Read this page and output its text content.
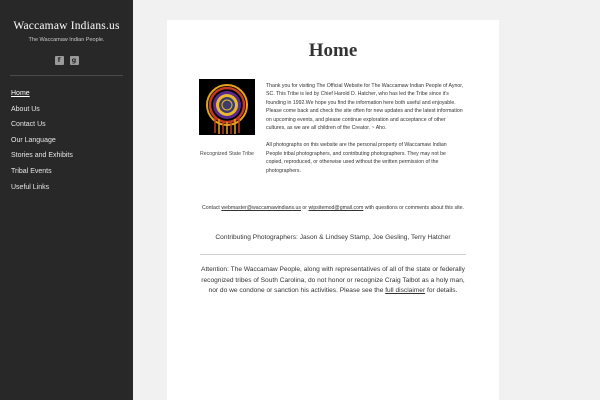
Waccamaw Indians.us
The Waccamaw Indian People.
f	g
Home
About Us
Contact Us
Our Language
Stories and Exhibits
Tribal Events
Useful Links
Home
Recognized State Tribe

Thank you for visiting The Official Website for The Waccamaw Indian People of Aynor, SC. This Tribe is led by Chief Harold D. Hatcher, who has led the Tribe since it’s founding in 1992.We hope you find the information here both useful and enjoyable. Please come back and check the site often for new updates and the latest information on upcoming events, and please continue exploration and acceptance of other cultures, as we are all children of the Creator. ~ Aho.

All photographs on this website are the personal property of Waccamaw Indian People tribal photographers, and contributing photographers. They may not be copied, reproduced, or otherwise used without the written permission of the photographers.

Contact webmaster@waccamawindians.us or wipsitemod@gmail.com with questions or comments about this site.
Contributing Photographers: Jason & Lindsey Stamp, Joe Gesling, Terry Hatcher
Attention: The Waccamaw People, along with representatives of all of the state or federally recognized tribes of South Carolina, do not honor or recognize Craig Talbot as a holy man, nor do we condone or sanction his activities. Please see the full disclaimer for details.
